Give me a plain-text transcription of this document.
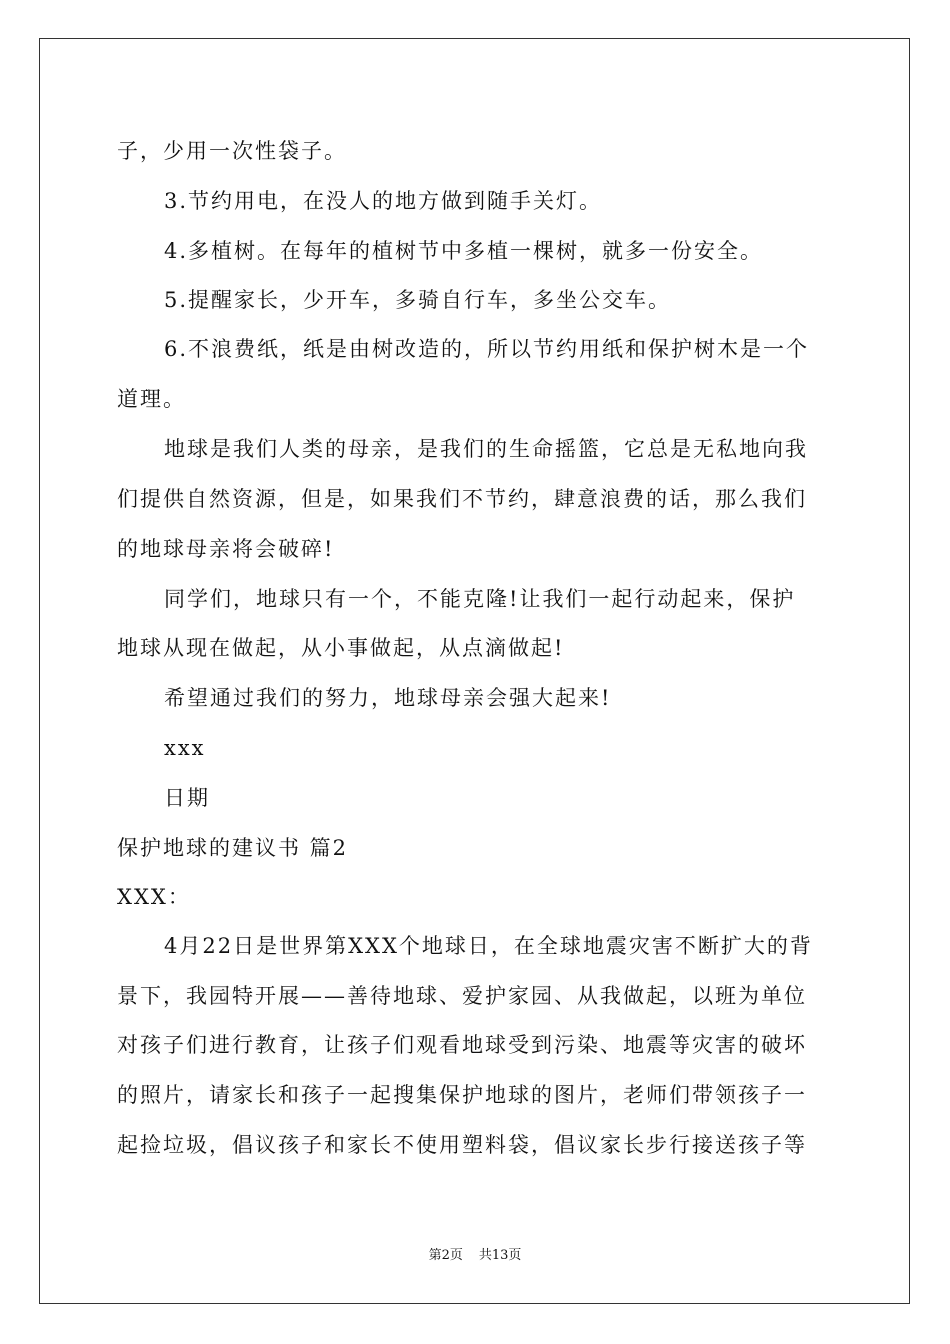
子，少用一次性袋子。
3.节约用电，在没人的地方做到随手关灯。
4.多植树。在每年的植树节中多植一棵树，就多一份安全。
5.提醒家长，少开车，多骑自行车，多坐公交车。
6.不浪费纸，纸是由树改造的，所以节约用纸和保护树木是一个
道理。
地球是我们人类的母亲，是我们的生命摇篮，它总是无私地向我
们提供自然资源，但是，如果我们不节约，肆意浪费的话，那么我们
的地球母亲将会破碎!
同学们，地球只有一个，不能克隆!让我们一起行动起来，保护
地球从现在做起，从小事做起，从点滴做起!
希望通过我们的努力，地球母亲会强大起来!
xxx
日期
保护地球的建议书 篇2
XXX：
4月22日是世界第XXX个地球日，在全球地震灾害不断扩大的背
景下，我园特开展——善待地球、爱护家园、从我做起，以班为单位
对孩子们进行教育，让孩子们观看地球受到污染、地震等灾害的破坏
的照片，请家长和孩子一起搜集保护地球的图片，老师们带领孩子一
起捡垃圾，倡议孩子和家长不使用塑料袋，倡议家长步行接送孩子等
第2页 共13页
